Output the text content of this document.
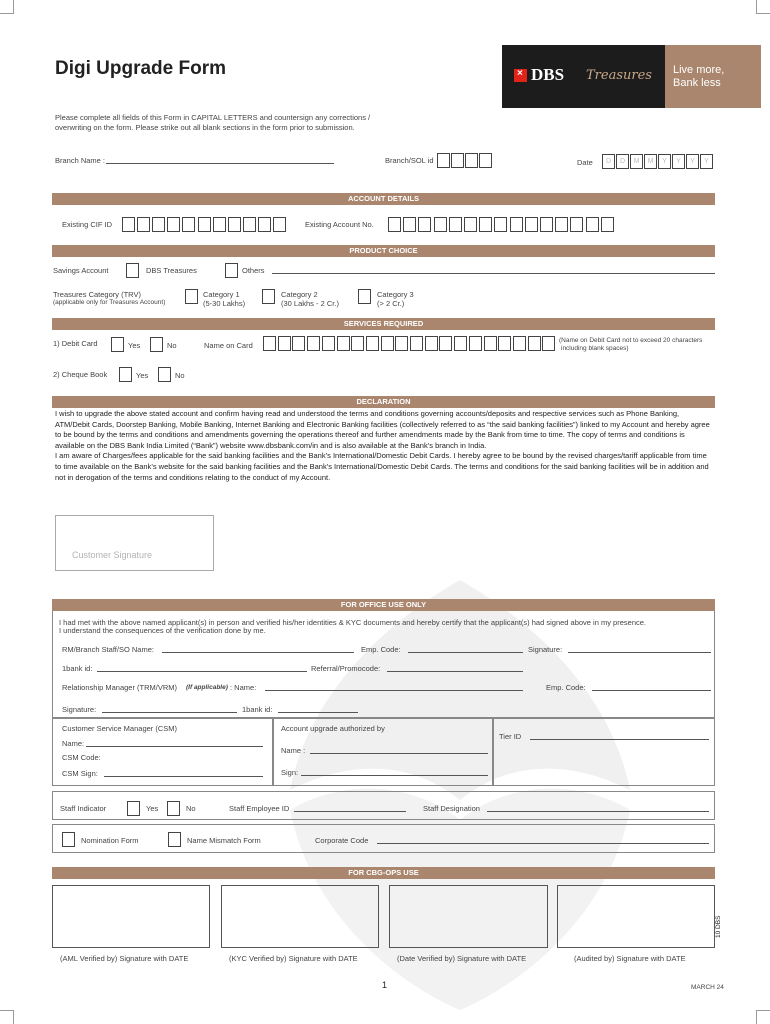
Digi Upgrade Form	× DBS Treasures Live more,
Bank less
Please complete all fields of this Form in CAPITAL LETTERS and countersign any corrections /
overwriting on the form. Please strike out all blank sections in the form prior to submission.
Branch Name :	Branch/SOL id	Date	D	D	M	M	Y	Y	Y	Y
ACCOUNT DETAILS
Existing CIF ID	Existing Account No.
PRODUCT CHOICE
Savings Account	DBS Treasures	Others
Treasures Category (TRV)
(applicable only for Treasures Account)
Category 1
(5-30 Lakhs)
Category 2
(30 Lakhs - 2 Cr.)
Category 3
(> 2 Cr.)
SERVICES REQUIRED
1) Debit Card	Yes	No	Name on Card
(Name on Debit Card not to exceed 20 characters
including blank spaces)
2) Cheque Book	Yes	No
DECLARATION

I wish to upgrade the above stated account and confirm having read and understood the terms and conditions governing accounts/deposits and respective services such as Phone Banking, ATM/Debit Cards, Doorstep Banking, Mobile Banking, Internet Banking and Electronic Banking facilities (collectively referred to as “the said banking facilities”) linked to my Account and hereby agree to be bound by the terms and conditions and amendments governing the operations thereof and further amendments made by the Bank from time to time. The copy of terms and conditions is available on the DBS Bank India Limited (“Bank”) website www.dbsbank.com/in and is also available at the Bank’s branch in India.

I am aware of Charges/fees applicable for the said banking facilities and the Bank’s International/Domestic Debit Cards. I hereby agree to be bound by the revised charges/tariff applicable from time to time available on the Bank’s website for the said banking facilities and the Bank’s International/Domestic Debit Cards. The terms and conditions for the said banking facilities will be in addition and not in derogation of the terms and conditions relating to the conduct of my Account.

Customer Signature
FOR OFFICE USE ONLY
I had met with the above named applicant(s) in person and verified his/her identities & KYC documents and hereby certify that the applicant(s) had signed above in my presence.
I understand the consequences of the verification done by me.
RM/Branch Staff/SO Name:	Emp. Code:	Signature:
1bank id:	Referral/Promocode:
Relationship Manager (TRM/VRM) (If applicable) : Name:	Emp. Code:
Signature:	1bank id:
Customer Service Manager (CSM)
Name:
CSM Code:
CSM Sign:
Account upgrade authorized by
Name :
Sign:
Tier ID
Staff Indicator	Yes	No	Staff Employee ID	Staff Designation
Nomination Form	Name Mismatch Form	Corporate Code
FOR CBG-OPS USE
(AML Verified by) Signature with DATE	(KYC Verified by) Signature with DATE	(Date Verified by) Signature with DATE	(Audited by) Signature with DATE
1	MARCH 24
10 DBS
